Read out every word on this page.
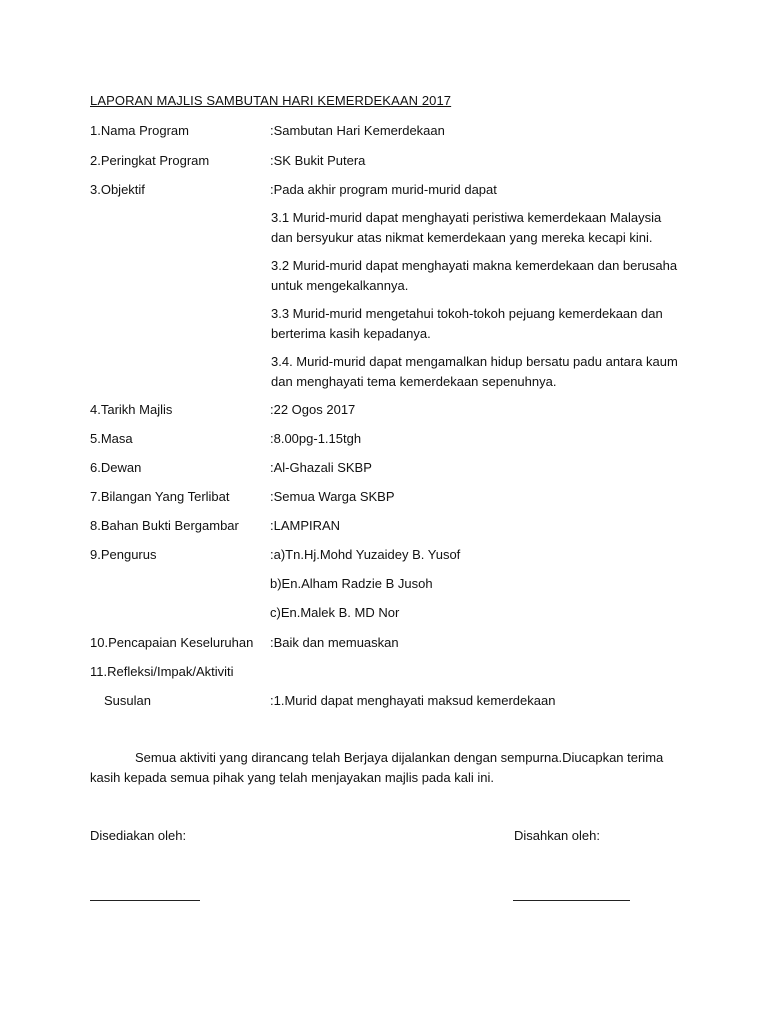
LAPORAN MAJLIS SAMBUTAN HARI KEMERDEKAAN 2017
1.Nama Program	:Sambutan Hari Kemerdekaan
2.Peringkat Program	:SK Bukit Putera
3.Objektif	:Pada akhir program murid-murid dapat
3.1 Murid-murid dapat menghayati peristiwa kemerdekaan Malaysia
dan bersyukur atas nikmat kemerdekaan yang mereka kecapi kini.
3.2 Murid-murid dapat menghayati makna kemerdekaan dan berusaha
untuk mengekalkannya.
3.3 Murid-murid mengetahui tokoh-tokoh pejuang kemerdekaan dan
berterima kasih kepadanya.
3.4. Murid-murid dapat mengamalkan hidup bersatu padu antara kaum
dan menghayati tema kemerdekaan sepenuhnya.
4.Tarikh Majlis	:22 Ogos 2017
5.Masa	:8.00pg-1.15tgh
6.Dewan	:Al-Ghazali SKBP
7.Bilangan Yang Terlibat	:Semua Warga SKBP
8.Bahan Bukti Bergambar :LAMPIRAN
9.Pengurus	:a)Tn.Hj.Mohd Yuzaidey B. Yusof
b)En.Alham Radzie B Jusoh
c)En.Malek B. MD Nor
10.Pencapaian Keseluruhan :Baik dan memuaskan
11.Refleksi/Impak/Aktiviti
Susulan	:1.Murid dapat menghayati maksud kemerdekaan
Semua aktiviti yang dirancang telah Berjaya dijalankan dengan sempurna.Diucapkan terima
kasih kepada semua pihak yang telah menjayakan majlis pada kali ini.
Disediakan oleh:	Disahkan oleh:
